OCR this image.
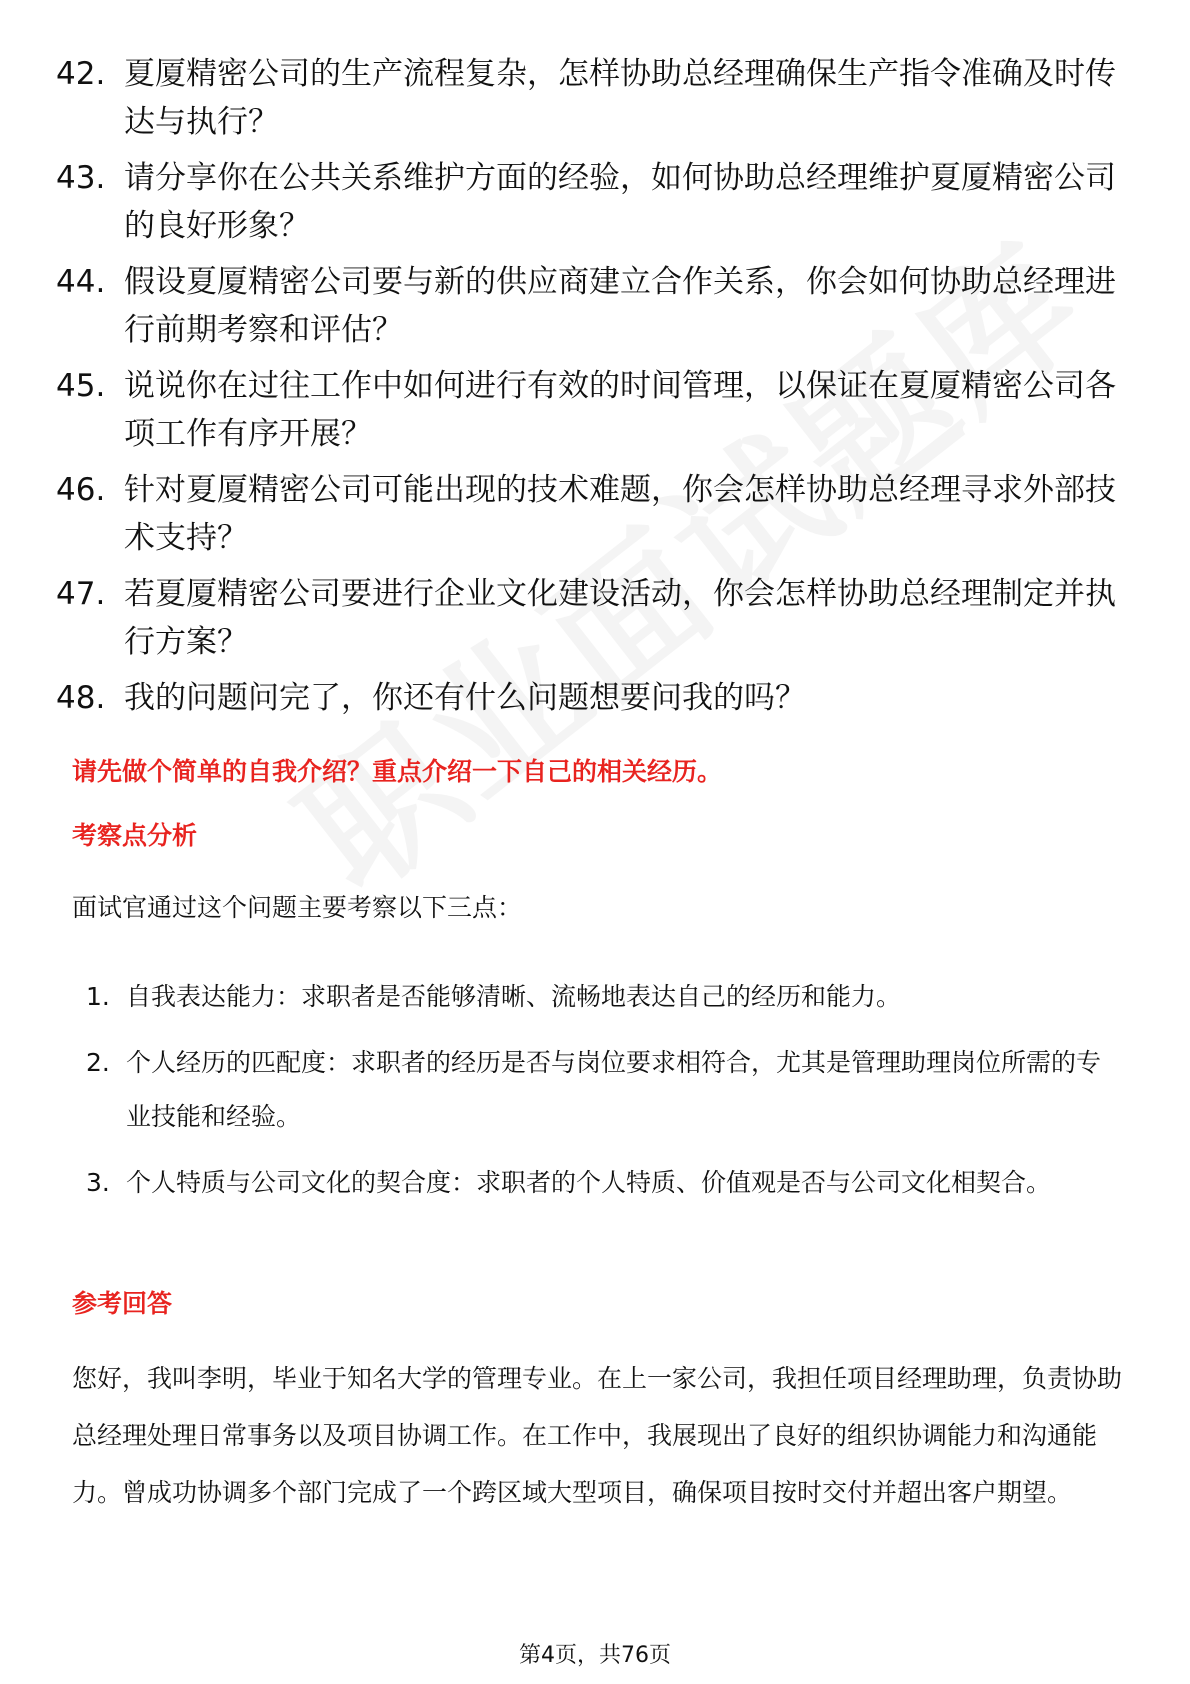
42. 夏厦精密公司的生产流程复杂，怎样协助总经理确保生产指令准确及时传达与执行？
43. 请分享你在公共关系维护方面的经验，如何协助总经理维护夏厦精密公司的良好形象？
44. 假设夏厦精密公司要与新的供应商建立合作关系，你会如何协助总经理进行前期考察和评估？
45. 说说你在过往工作中如何进行有效的时间管理，以保证在夏厦精密公司各项工作有序开展？
46. 针对夏厦精密公司可能出现的技术难题，你会怎样协助总经理寻求外部技术支持？
47. 若夏厦精密公司要进行企业文化建设活动，你会怎样协助总经理制定并执行方案？
48. 我的问题问完了，你还有什么问题想要问我的吗？
请先做个简单的自我介绍？重点介绍一下自己的相关经历。
考察点分析
面试官通过这个问题主要考察以下三点：
1. 自我表达能力：求职者是否能够清晰、流畅地表达自己的经历和能力。
2. 个人经历的匹配度：求职者的经历是否与岗位要求相符合，尤其是管理助理岗位所需的专业技能和经验。
3. 个人特质与公司文化的契合度：求职者的个人特质、价值观是否与公司文化相契合。
参考回答

您好，我叫李明，毕业于知名大学的管理专业。在上一家公司，我担任项目经理助理，负责协助总经理处理日常事务以及项目协调工作。在工作中，我展现出了良好的组织协调能力和沟通能力。曾成功协调多个部门完成了一个跨区域大型项目，确保项目按时交付并超出客户期望。

第4页，共76页
